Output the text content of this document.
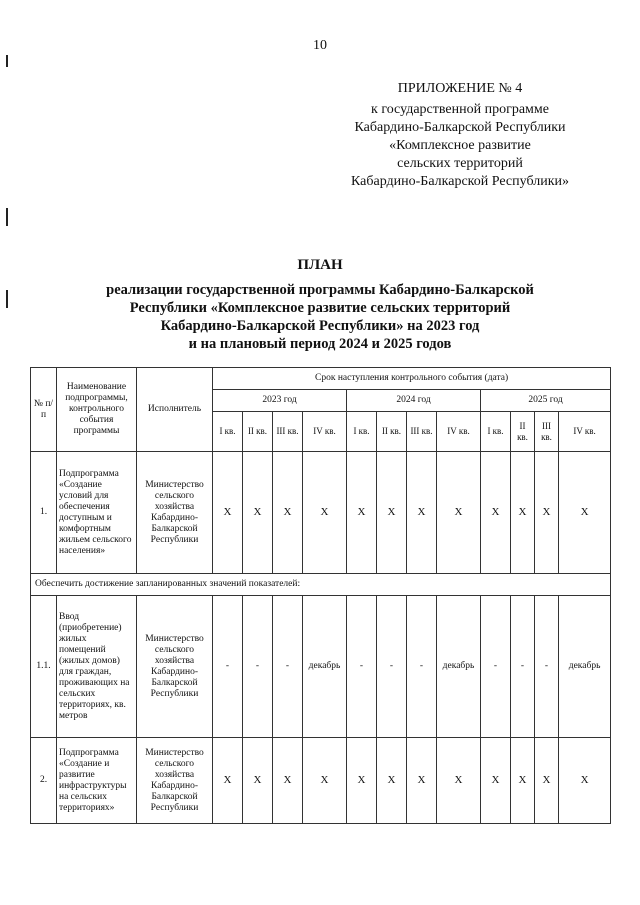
10
ПРИЛОЖЕНИЕ № 4
к государственной программе
Кабардино-Балкарской Республики
«Комплексное развитие
сельских территорий
Кабардино-Балкарской Республики»
ПЛАН
реализации государственной программы Кабардино-Балкарской
Республики «Комплексное развитие сельских территорий
Кабардино-Балкарской Республики» на 2023 год
и на плановый период 2024 и 2025 годов
№ п/п	Наименование подпрограммы, контрольного события программы	Исполнитель	Срок наступления контрольного события (дата)											
			2023 год				2024 год				2025 год			
			I кв.	II кв.	III кв.	IV кв.	I кв.	II кв.	III кв.	IV кв.	I кв.	II кв.	III кв.	IV кв.
1.	Подпрограмма «Создание условий для обеспечения доступным и комфортным жильем сельского населения»	Министерство сельского хозяйства Кабардино-Балкарской Республики	X	X	X	X	X	X	X	X	X	X	X	X
Обеспечить достижение запланированных значений показателей:														
1.1.	Ввод (приобретение) жилых помещений (жилых домов) для граждан, проживающих на сельских территориях, кв. метров	Министерство сельского хозяйства Кабардино-Балкарской Республики	-	-	-	декабрь	-	-	-	декабрь	-	-	-	декабрь
2.	Подпрограмма «Создание и развитие инфраструктуры на сельских территориях»	Министерство сельского хозяйства Кабардино-Балкарской Республики	X	X	X	X	X	X	X	X	X	X	X	X
